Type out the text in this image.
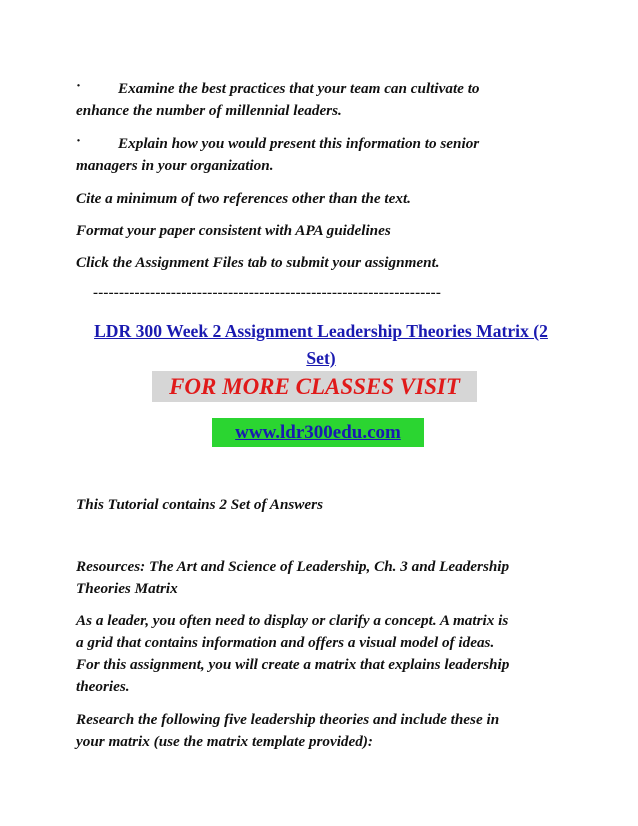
· Examine the best practices that your team can cultivate to
enhance the number of millennial leaders.
· Explain how you would present this information to senior
managers in your organization.
Cite a minimum of two references other than the text.
Format your paper consistent with APA guidelines
Click the Assignment Files tab to submit your assignment.
-------------------------------------------------------------------
LDR 300 Week 2 Assignment Leadership Theories Matrix (2
Set)
FOR MORE CLASSES VISIT
www.ldr300edu.com
This Tutorial contains 2 Set of Answers
Resources: The Art and Science of Leadership, Ch. 3 and Leadership
Theories Matrix
As a leader, you often need to display or clarify a concept. A matrix is
a grid that contains information and offers a visual model of ideas.
For this assignment, you will create a matrix that explains leadership
theories.
Research the following five leadership theories and include these in
your matrix (use the matrix template provided):
